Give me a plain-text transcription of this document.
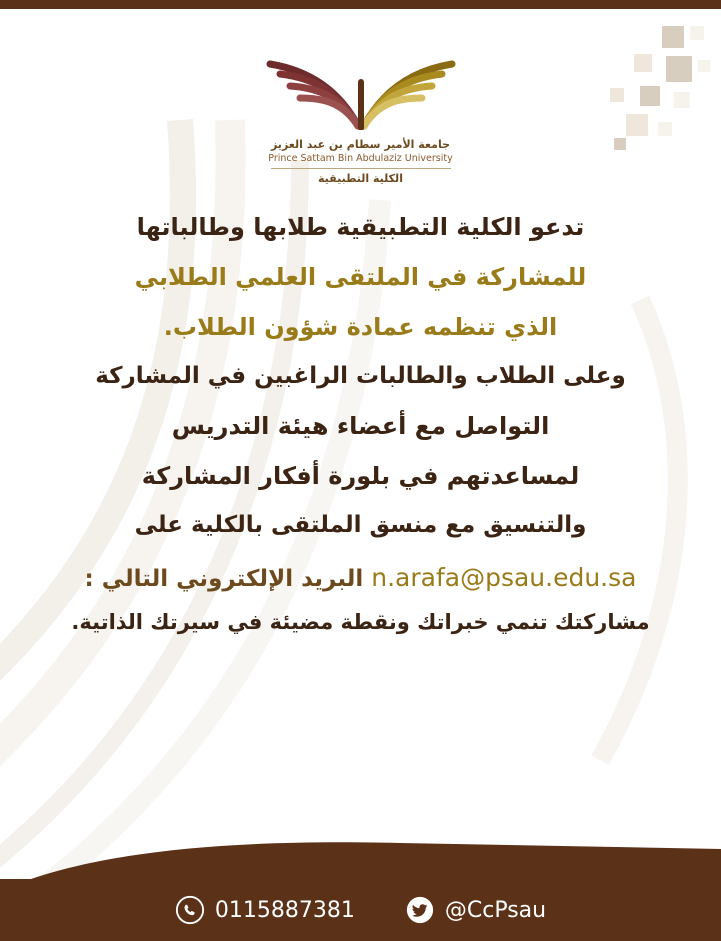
جامعة الأمير سطام بن عبد العزيز
Prince Sattam Bin Abdulaziz University
الكلية التطبيقية

تدعو الكلية التطبيقية طلابها وطالباتها

للمشاركة في الملتقى العلمي الطلابي

الذي تنظمه عمادة شؤون الطلاب.

وعلى الطلاب والطالبات الراغبين في المشاركة

التواصل مع أعضاء هيئة التدريس

لمساعدتهم في بلورة أفكار المشاركة

والتنسيق مع منسق الملتقى بالكلية على

n.arafa@psau.edu.sa البريد الإلكتروني التالي :

مشاركتك تنمي خبراتك ونقطة مضيئة في سيرتك الذاتية.

0115887381	@CcPsau
